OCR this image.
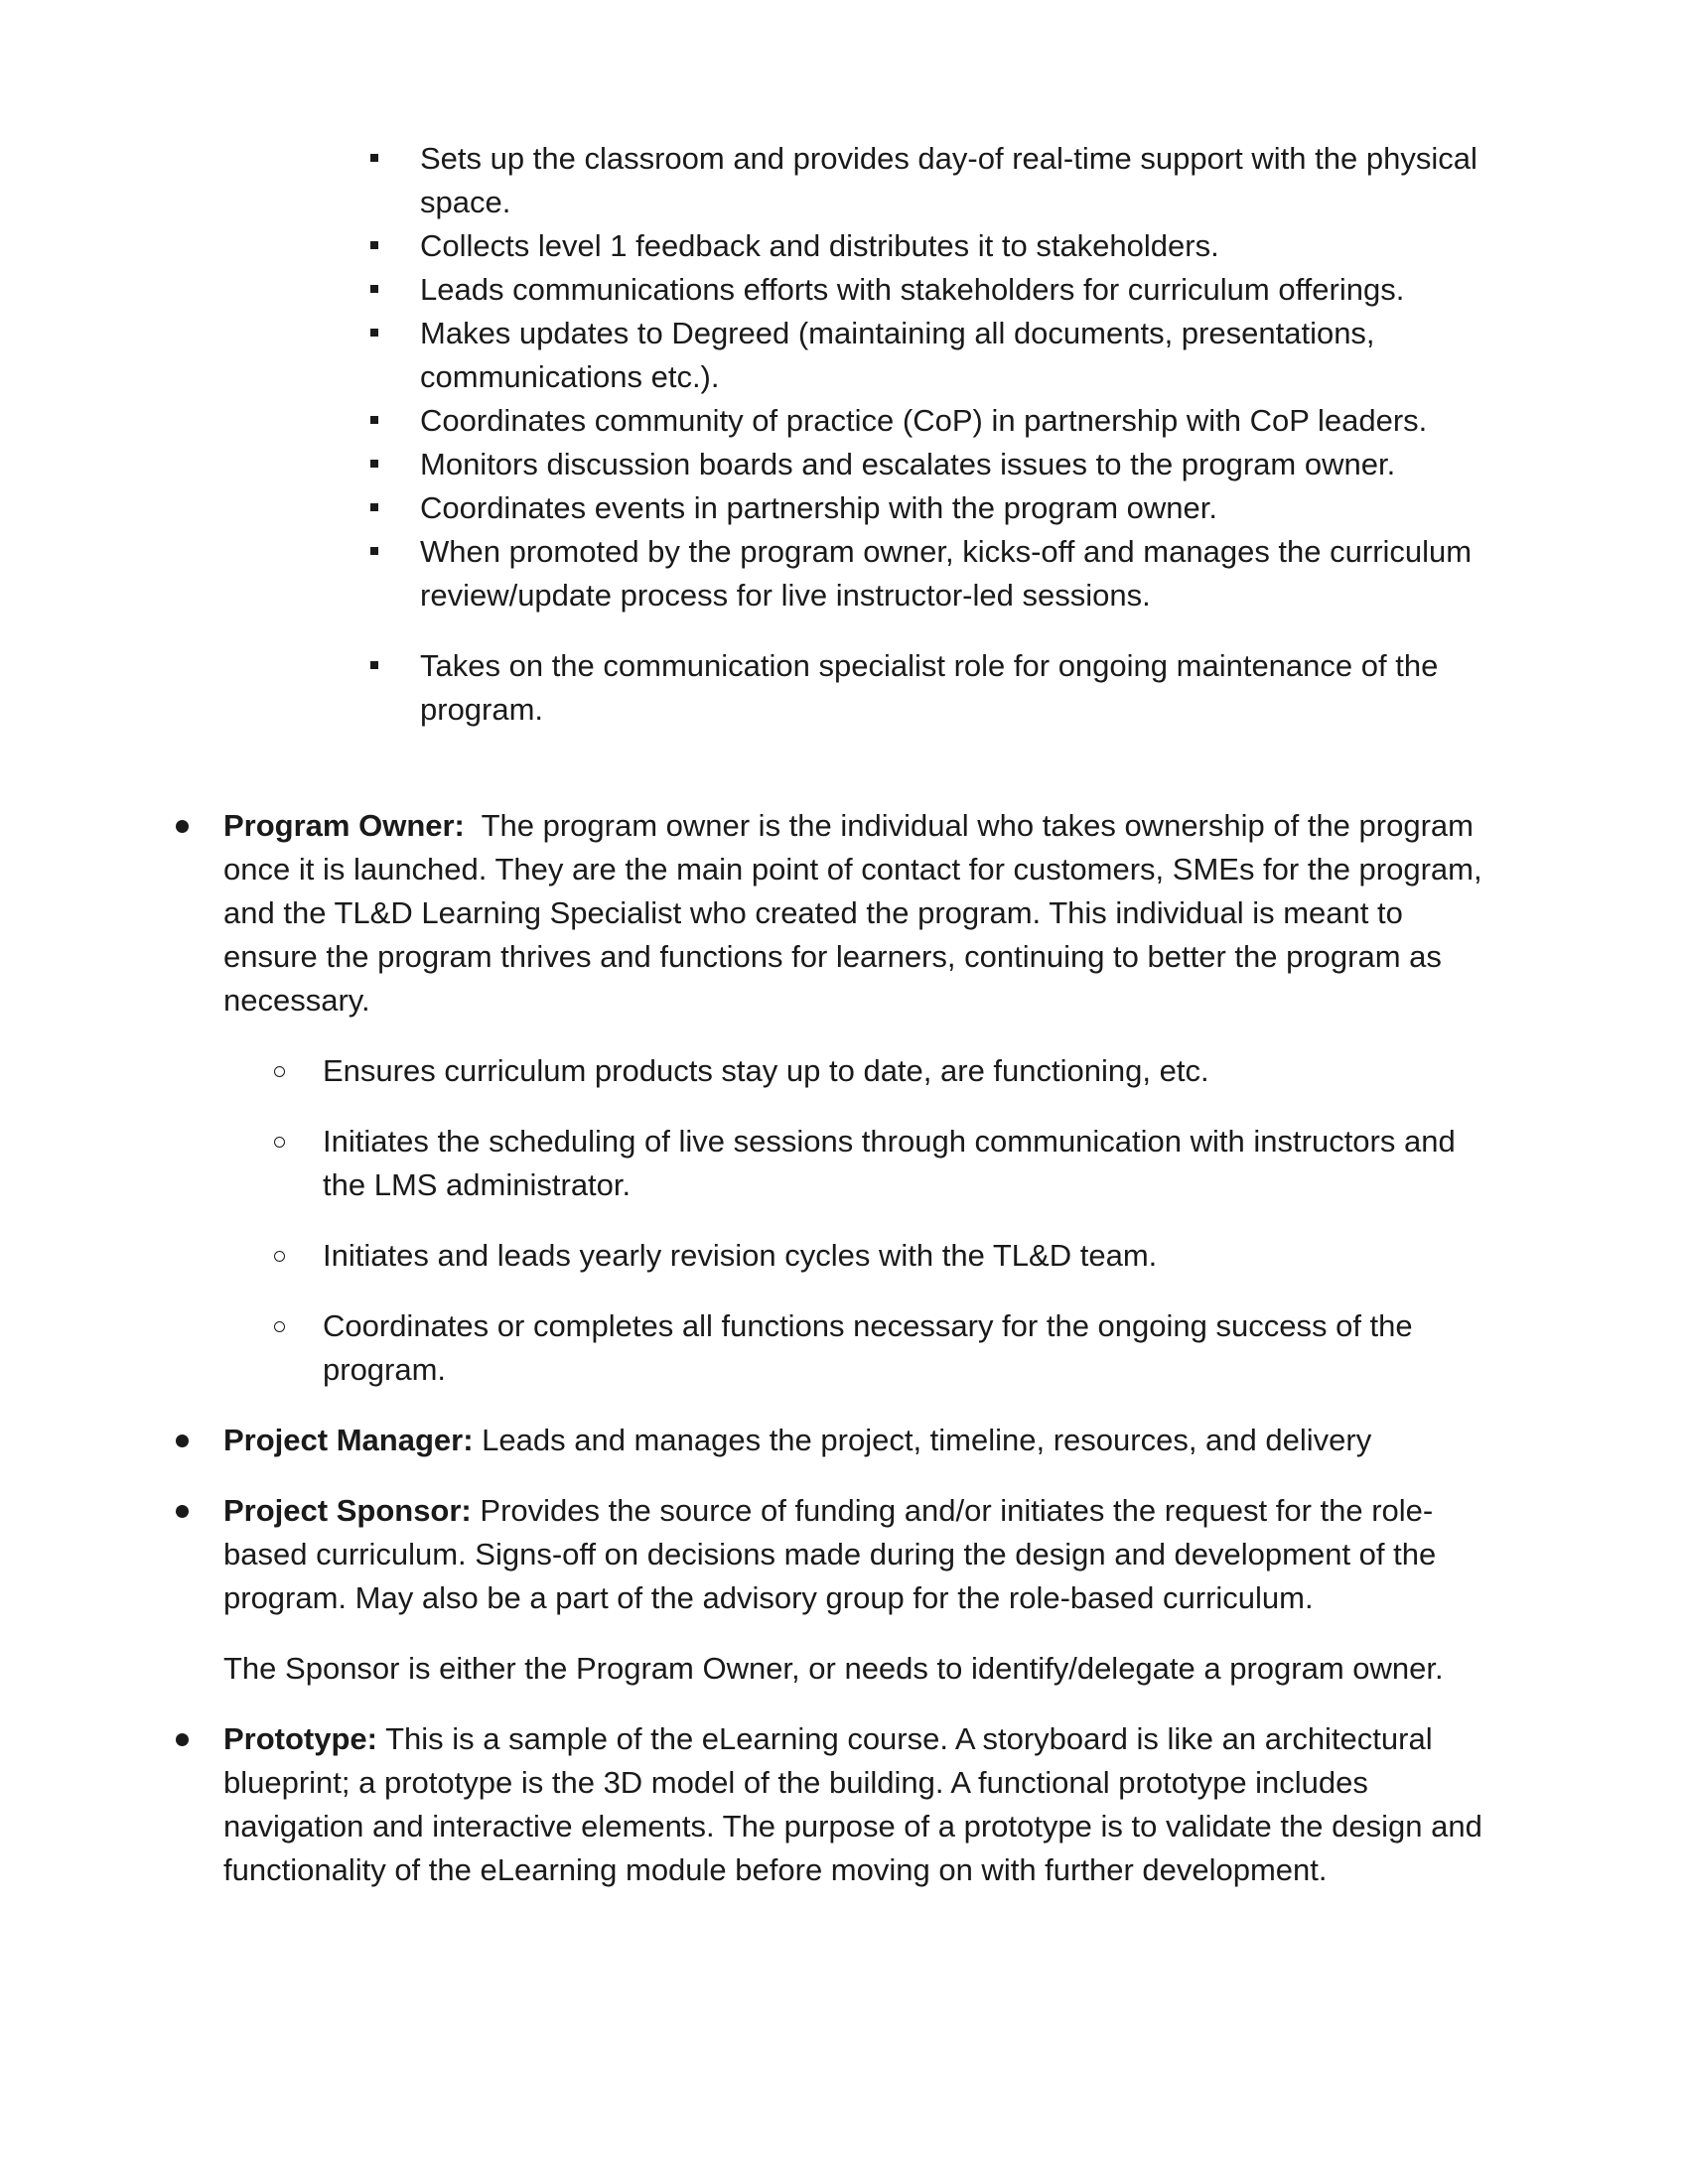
Sets up the classroom and provides day-of real-time support with the physical space.
Collects level 1 feedback and distributes it to stakeholders.
Leads communications efforts with stakeholders for curriculum offerings.
Makes updates to Degreed (maintaining all documents, presentations, communications etc.).
Coordinates community of practice (CoP) in partnership with CoP leaders.
Monitors discussion boards and escalates issues to the program owner.
Coordinates events in partnership with the program owner.
When promoted by the program owner, kicks-off and manages the curriculum review/update process for live instructor-led sessions.
Takes on the communication specialist role for ongoing maintenance of the program.
Program Owner: The program owner is the individual who takes ownership of the program once it is launched. They are the main point of contact for customers, SMEs for the program, and the TL&D Learning Specialist who created the program. This individual is meant to ensure the program thrives and functions for learners, continuing to better the program as necessary.
Ensures curriculum products stay up to date, are functioning, etc.
Initiates the scheduling of live sessions through communication with instructors and the LMS administrator.
Initiates and leads yearly revision cycles with the TL&D team.
Coordinates or completes all functions necessary for the ongoing success of the program.
Project Manager: Leads and manages the project, timeline, resources, and delivery
Project Sponsor: Provides the source of funding and/or initiates the request for the role-based curriculum. Signs-off on decisions made during the design and development of the program. May also be a part of the advisory group for the role-based curriculum.
The Sponsor is either the Program Owner, or needs to identify/delegate a program owner.
Prototype: This is a sample of the eLearning course. A storyboard is like an architectural blueprint; a prototype is the 3D model of the building. A functional prototype includes navigation and interactive elements. The purpose of a prototype is to validate the design and functionality of the eLearning module before moving on with further development.
